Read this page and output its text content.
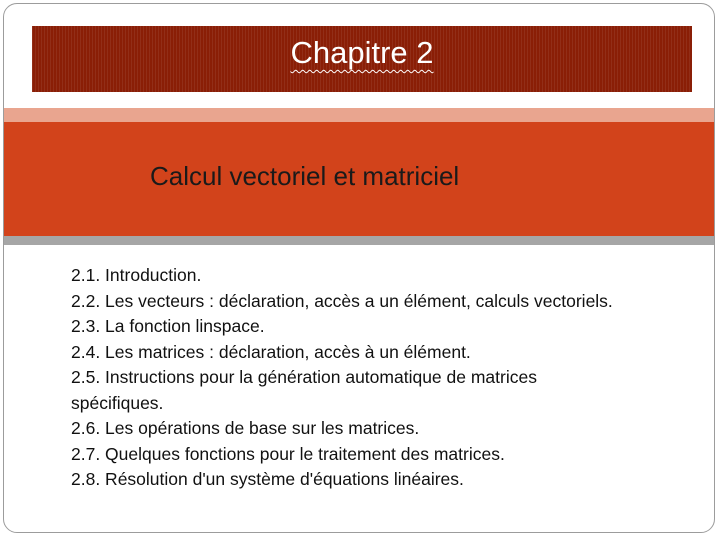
Chapitre 2
Calcul vectoriel et matriciel
2.1. Introduction.
2.2. Les vecteurs : déclaration, accès a un élément, calculs vectoriels.
2.3. La fonction linspace.
2.4. Les matrices : déclaration, accès à un élément.
2.5. Instructions pour la génération automatique de matrices spécifiques.
2.6. Les opérations de base sur les matrices.
2.7. Quelques fonctions pour le traitement des matrices.
2.8. Résolution d'un système d'équations linéaires.
